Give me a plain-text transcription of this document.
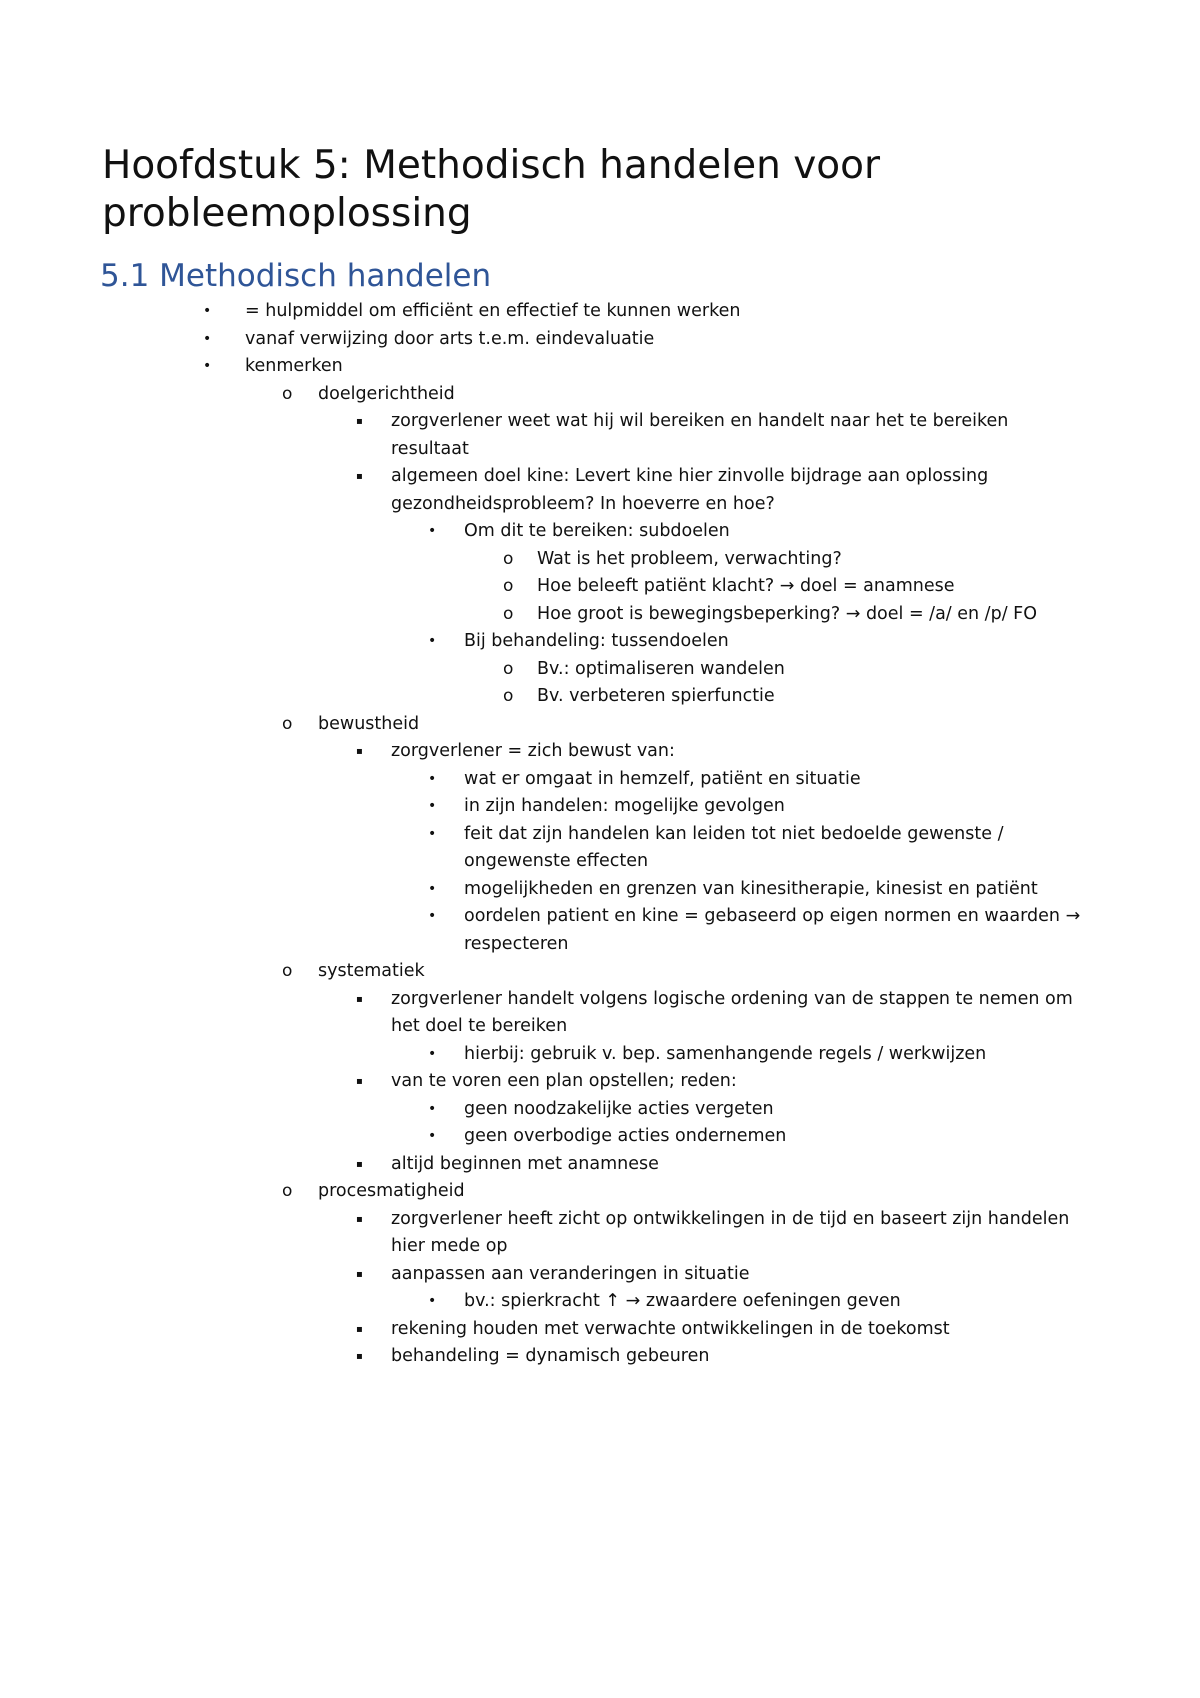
Hoofdstuk 5: Methodisch handelen voor probleemoplossing
5.1 Methodisch handelen
• = hulpmiddel om efficiënt en effectief te kunnen werken
• vanaf verwijzing door arts t.e.m. eindevaluatie
• kenmerken
o doelgerichtheid
▪ zorgverlener weet wat hij wil bereiken en handelt naar het te bereiken
resultaat
▪ algemeen doel kine: Levert kine hier zinvolle bijdrage aan oplossing
gezondheidsprobleem? In hoeverre en hoe?
• Om dit te bereiken: subdoelen
o Wat is het probleem, verwachting?
o Hoe beleeft patiënt klacht? → doel = anamnese
o Hoe groot is bewegingsbeperking? → doel = /a/ en /p/ FO
• Bij behandeling: tussendoelen
o Bv.: optimaliseren wandelen
o Bv. verbeteren spierfunctie
o bewustheid
▪ zorgverlener = zich bewust van:
• wat er omgaat in hemzelf, patiënt en situatie
• in zijn handelen: mogelijke gevolgen
• feit dat zijn handelen kan leiden tot niet bedoelde gewenste /
ongewenste effecten
• mogelijkheden en grenzen van kinesitherapie, kinesist en patiënt
• oordelen patient en kine = gebaseerd op eigen normen en waarden →
respecteren
o systematiek
▪ zorgverlener handelt volgens logische ordening van de stappen te nemen om
het doel te bereiken
• hierbij: gebruik v. bep. samenhangende regels / werkwijzen
▪ van te voren een plan opstellen; reden:
• geen noodzakelijke acties vergeten
• geen overbodige acties ondernemen
▪ altijd beginnen met anamnese
o procesmatigheid
▪ zorgverlener heeft zicht op ontwikkelingen in de tijd en baseert zijn handelen
hier mede op
▪ aanpassen aan veranderingen in situatie
• bv.: spierkracht ↑ → zwaardere oefeningen geven
▪ rekening houden met verwachte ontwikkelingen in de toekomst
▪ behandeling = dynamisch gebeuren
